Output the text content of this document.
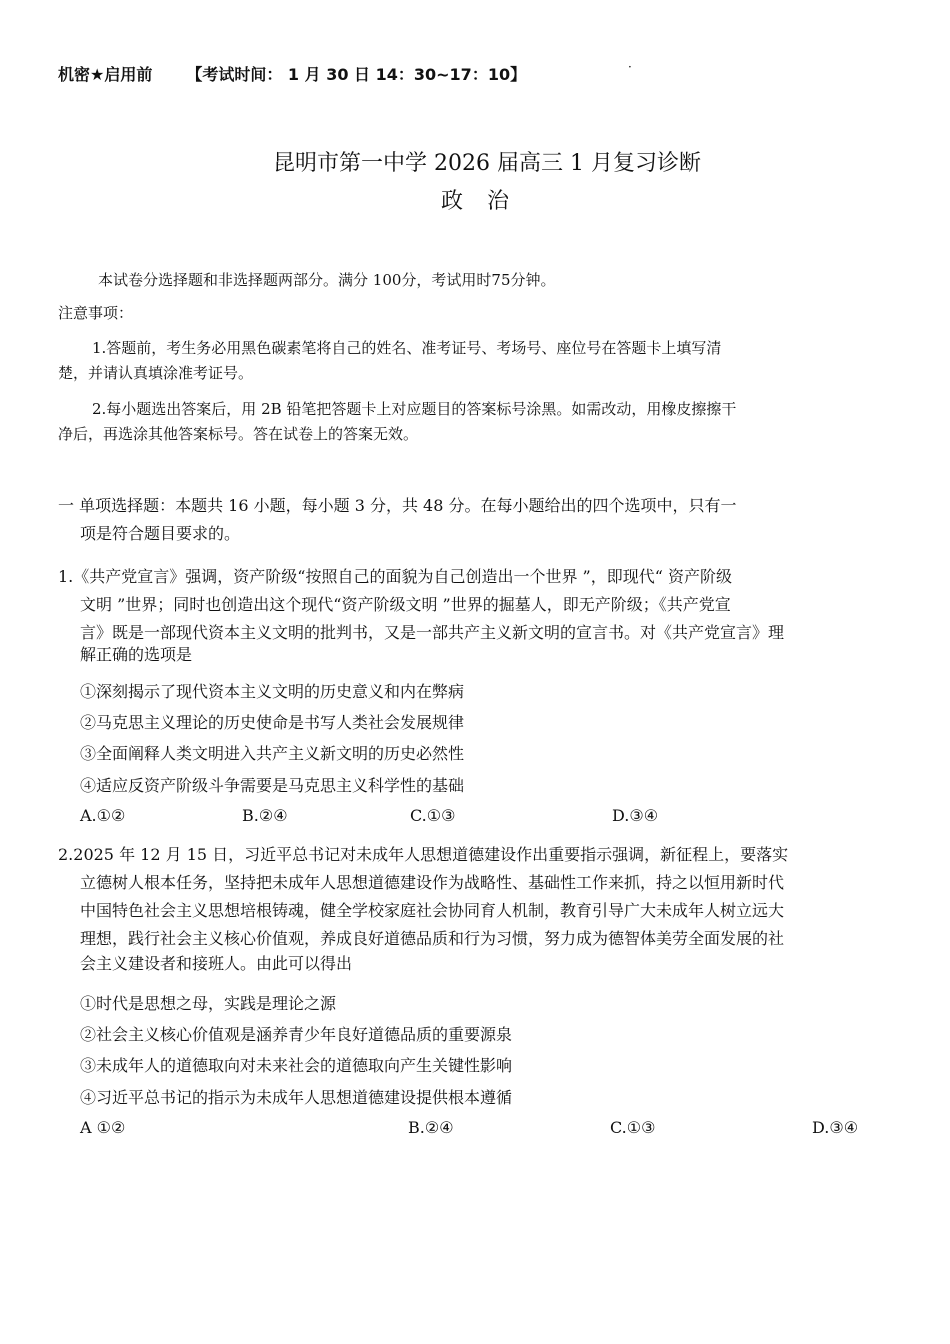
机密★启用前 【考试时间： 1 月 30 日 14：30~17：10】	·
昆明市第一中学 2026 届高三 1 月复习诊断
政治
本试卷分选择题和非选择题两部分。满分 100分，考试用时75分钟。
注意事项：
1.答题前，考生务必用黑色碳素笔将自己的姓名、准考证号、考场号、座位号在答题卡上填写清
楚，并请认真填涂准考证号。
2.每小题选出答案后，用 2B 铅笔把答题卡上对应题目的答案标号涂黑。如需改动，用橡皮擦擦干
净后，再选涂其他答案标号。答在试卷上的答案无效。
一 单项选择题：本题共 16 小题，每小题 3 分，共 48 分。在每小题给出的四个选项中，只有一
项是符合题目要求的。
1.《共产党宣言》强调，资产阶级“按照自己的面貌为自己创造出一个世界 ”，即现代“ 资产阶级
文明 ”世界；同时也创造出这个现代“资产阶级文明 ”世界的掘墓人，即无产阶级；《共产党宣
言》既是一部现代资本主义文明的批判书，又是一部共产主义新文明的宣言书。对《共产党宣言》理
解正确的选项是
①深刻揭示了现代资本主义文明的历史意义和内在弊病
②马克思主义理论的历史使命是书写人类社会发展规律
③全面阐释人类文明进入共产主义新文明的历史必然性
④适应反资产阶级斗争需要是马克思主义科学性的基础
A.①②	B.②④	C.①③	D.③④
2.2025 年 12 月 15 日，习近平总书记对未成年人思想道德建设作出重要指示强调，新征程上，要落实
立德树人根本任务，坚持把未成年人思想道德建设作为战略性、基础性工作来抓，持之以恒用新时代
中国特色社会主义思想培根铸魂，健全学校家庭社会协同育人机制，教育引导广大未成年人树立远大
理想，践行社会主义核心价值观，养成良好道德品质和行为习惯，努力成为德智体美劳全面发展的社
会主义建设者和接班人。由此可以得出
①时代是思想之母，实践是理论之源
②社会主义核心价值观是涵养青少年良好道德品质的重要源泉
③未成年人的道德取向对未来社会的道德取向产生关键性影响
④习近平总书记的指示为未成年人思想道德建设提供根本遵循
A ①②	B.②④	C.①③	D.③④
